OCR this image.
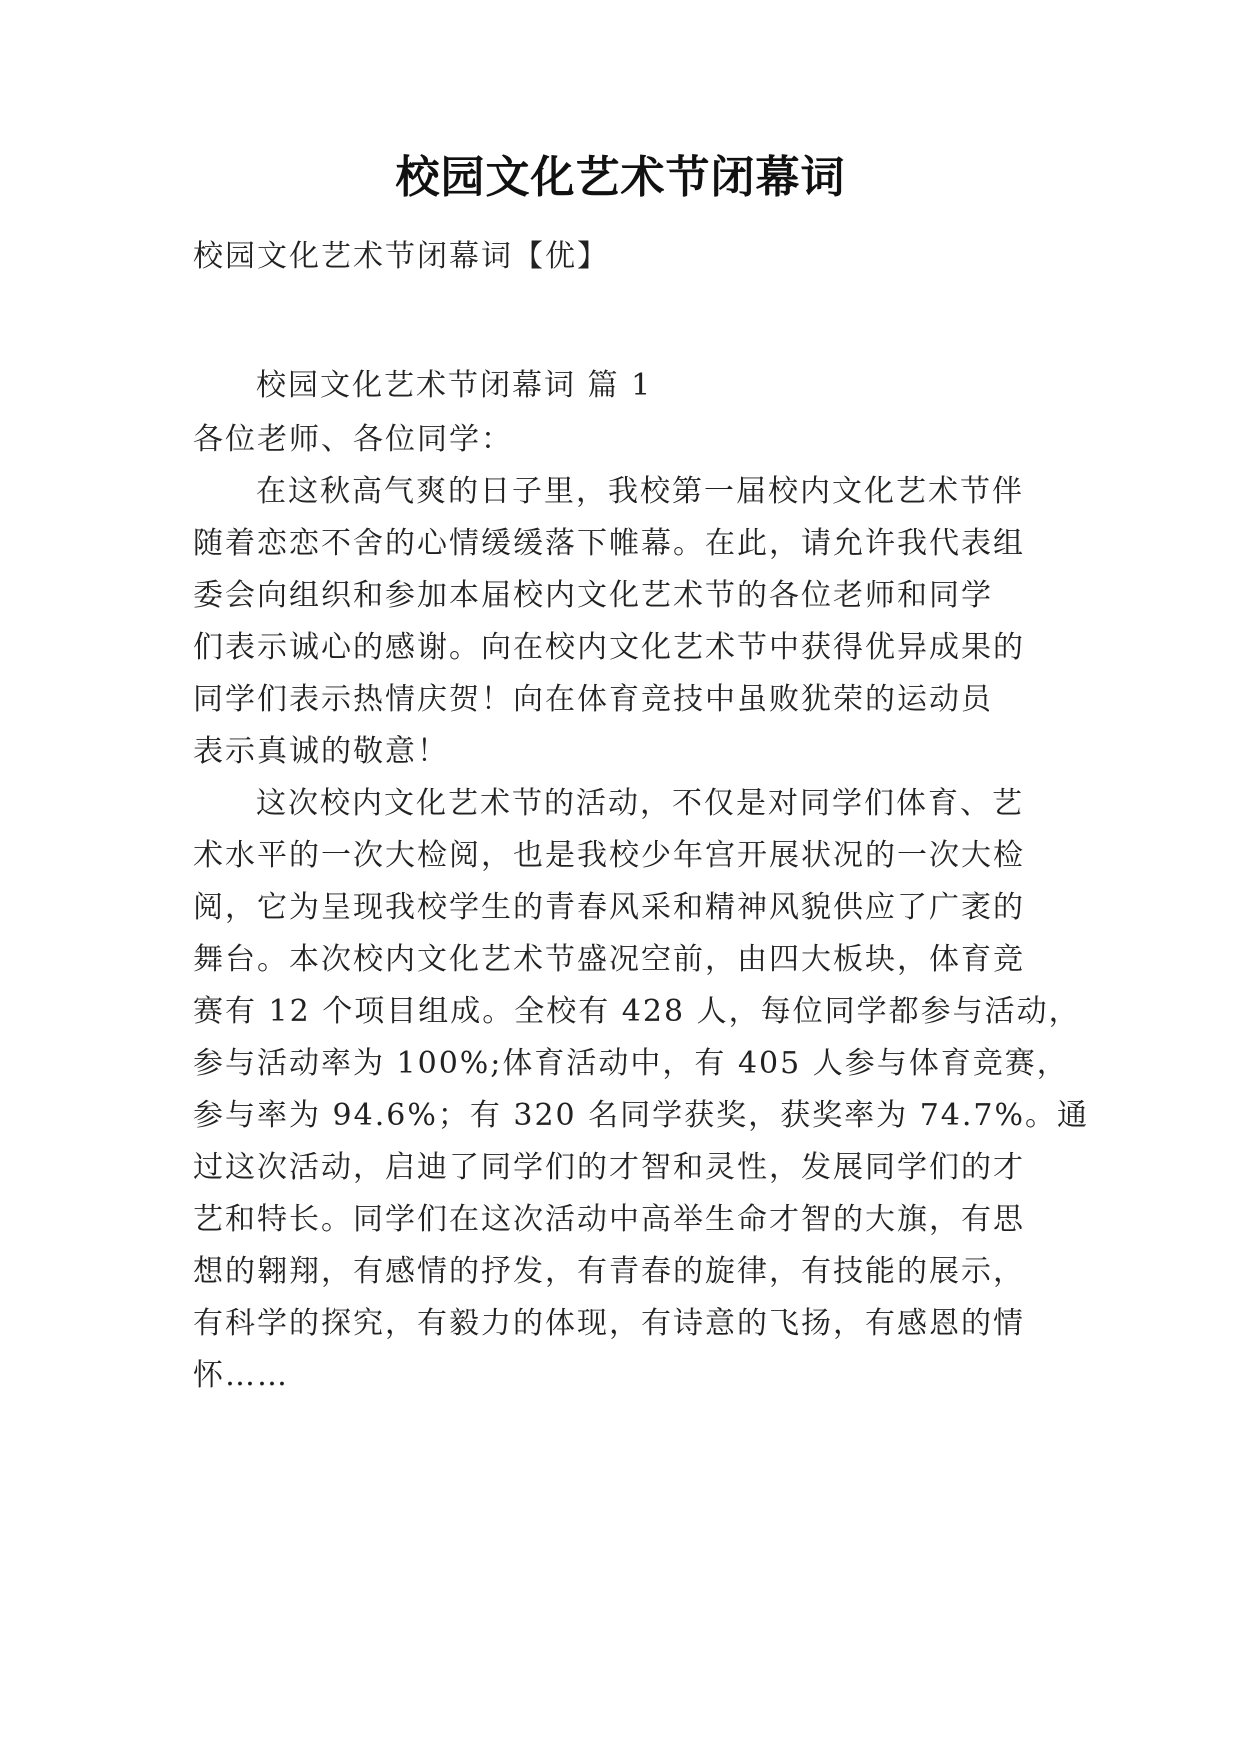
校园文化艺术节闭幕词
校园文化艺术节闭幕词【优】
校园文化艺术节闭幕词 篇 1
各位老师、各位同学：
在这秋高气爽的日子里，我校第一届校内文化艺术节伴
随着恋恋不舍的心情缓缓落下帷幕。在此，请允许我代表组
委会向组织和参加本届校内文化艺术节的各位老师和同学
们表示诚心的感谢。向在校内文化艺术节中获得优异成果的
同学们表示热情庆贺！向在体育竞技中虽败犹荣的运动员
表示真诚的敬意！
这次校内文化艺术节的活动，不仅是对同学们体育、艺
术水平的一次大检阅，也是我校少年宫开展状况的一次大检
阅，它为呈现我校学生的青春风采和精神风貌供应了广袤的
舞台。本次校内文化艺术节盛况空前，由四大板块，体育竞
赛有 12 个项目组成。全校有 428 人，每位同学都参与活动，
参与活动率为 100%;体育活动中，有 405 人参与体育竞赛，
参与率为 94.6%；有 320 名同学获奖，获奖率为 74.7%。通
过这次活动，启迪了同学们的才智和灵性，发展同学们的才
艺和特长。同学们在这次活动中高举生命才智的大旗，有思
想的翱翔，有感情的抒发，有青春的旋律，有技能的展示，
有科学的探究，有毅力的体现，有诗意的飞扬，有感恩的情
怀……
